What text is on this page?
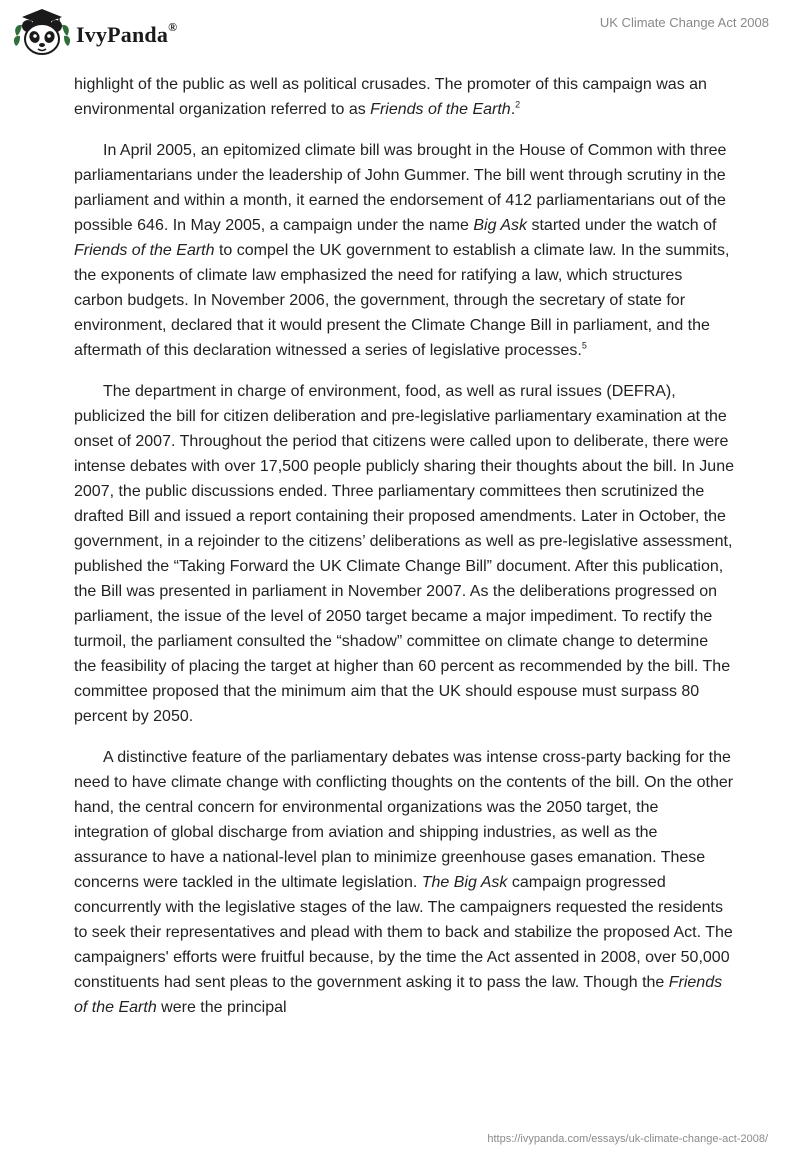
IvyPanda®	UK Climate Change Act 2008

highlight of the public as well as political crusades. The promoter of this campaign was an environmental organization referred to as Friends of the Earth.$^2$

In April 2005, an epitomized climate bill was brought in the House of Common with three parliamentarians under the leadership of John Gummer. The bill went through scrutiny in the parliament and within a month, it earned the endorsement of 412 parliamentarians out of the possible 646. In May 2005, a campaign under the name Big Ask started under the watch of Friends of the Earth to compel the UK government to establish a climate law. In the summits, the exponents of climate law emphasized the need for ratifying a law, which structures carbon budgets. In November 2006, the government, through the secretary of state for environment, declared that it would present the Climate Change Bill in parliament, and the aftermath of this declaration witnessed a series of legislative processes.$^5$

The department in charge of environment, food, as well as rural issues (DEFRA), publicized the bill for citizen deliberation and pre-legislative parliamentary examination at the onset of 2007. Throughout the period that citizens were called upon to deliberate, there were intense debates with over 17,500 people publicly sharing their thoughts about the bill. In June 2007, the public discussions ended. Three parliamentary committees then scrutinized the drafted Bill and issued a report containing their proposed amendments. Later in October, the government, in a rejoinder to the citizens’ deliberations as well as pre-legislative assessment, published the “Taking Forward the UK Climate Change Bill” document. After this publication, the Bill was presented in parliament in November 2007. As the deliberations progressed on parliament, the issue of the level of 2050 target became a major impediment. To rectify the turmoil, the parliament consulted the “shadow” committee on climate change to determine the feasibility of placing the target at higher than 60 percent as recommended by the bill. The committee proposed that the minimum aim that the UK should espouse must surpass 80 percent by 2050.

A distinctive feature of the parliamentary debates was intense cross-party backing for the need to have climate change with conflicting thoughts on the contents of the bill. On the other hand, the central concern for environmental organizations was the 2050 target, the integration of global discharge from aviation and shipping industries, as well as the assurance to have a national-level plan to minimize greenhouse gases emanation. These concerns were tackled in the ultimate legislation. The Big Ask campaign progressed concurrently with the legislative stages of the law. The campaigners requested the residents to seek their representatives and plead with them to back and stabilize the proposed Act. The campaigners' efforts were fruitful because, by the time the Act assented in 2008, over 50,000 constituents had sent pleas to the government asking it to pass the law. Though the Friends of the Earth were the principal

https://ivypanda.com/essays/uk-climate-change-act-2008/
